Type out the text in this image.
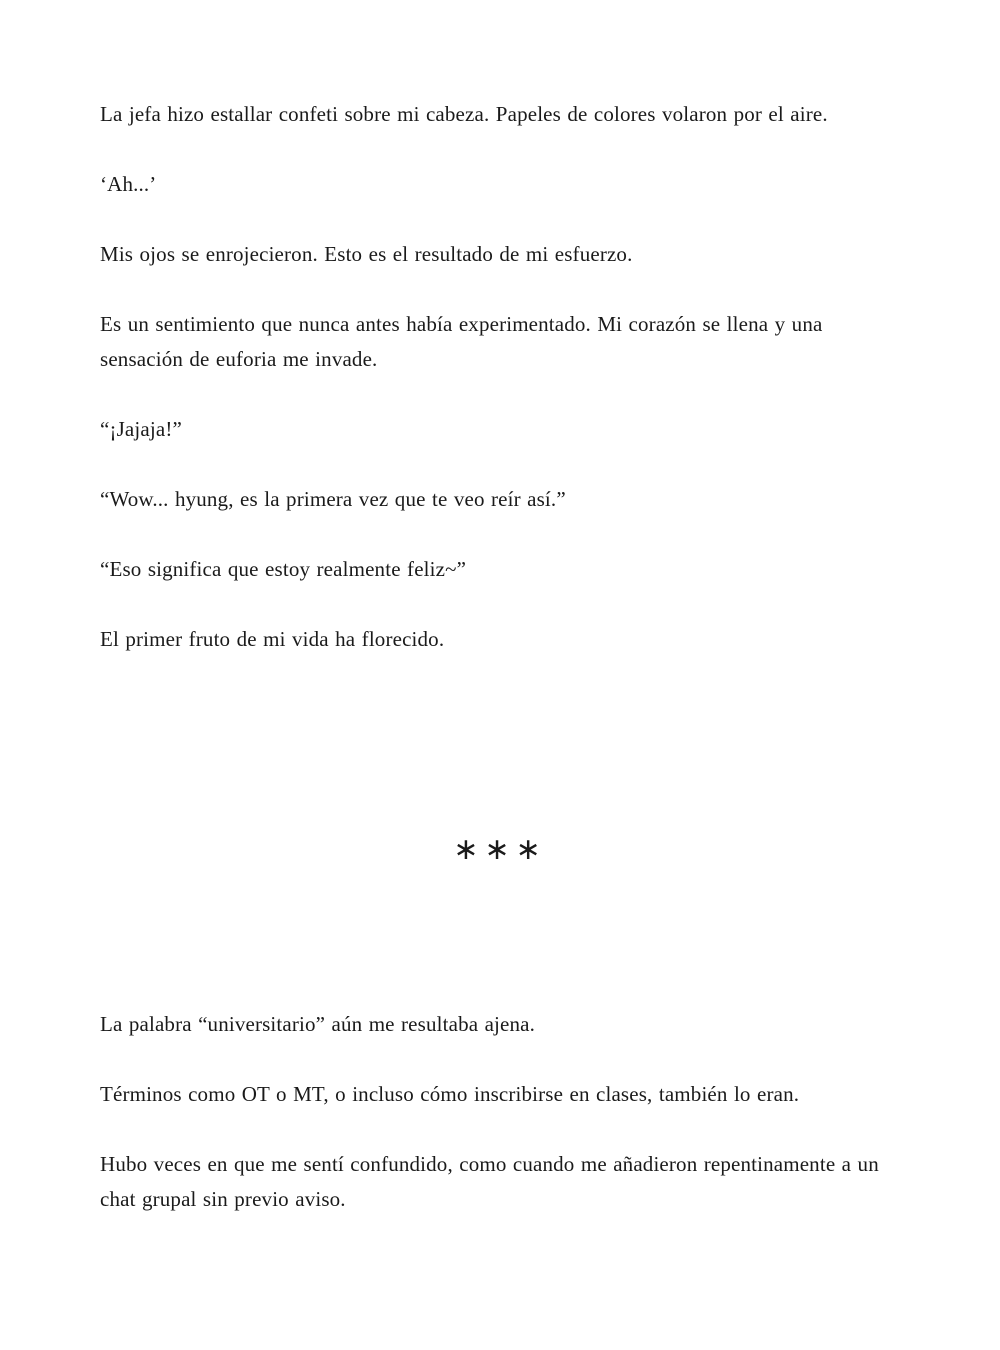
La jefa hizo estallar confeti sobre mi cabeza. Papeles de colores volaron por el aire.

‘Ah...’

Mis ojos se enrojecieron. Esto es el resultado de mi esfuerzo.

Es un sentimiento que nunca antes había experimentado. Mi corazón se llena y una sensación de euforia me invade.

“¡Jajaja!”

“Wow... hyung, es la primera vez que te veo reír así.”

“Eso significa que estoy realmente feliz~”

El primer fruto de mi vida ha florecido.

∗∗∗

La palabra “universitario” aún me resultaba ajena.

Términos como OT o MT, o incluso cómo inscribirse en clases, también lo eran.

Hubo veces en que me sentí confundido, como cuando me añadieron repentinamente a un chat grupal sin previo aviso.
